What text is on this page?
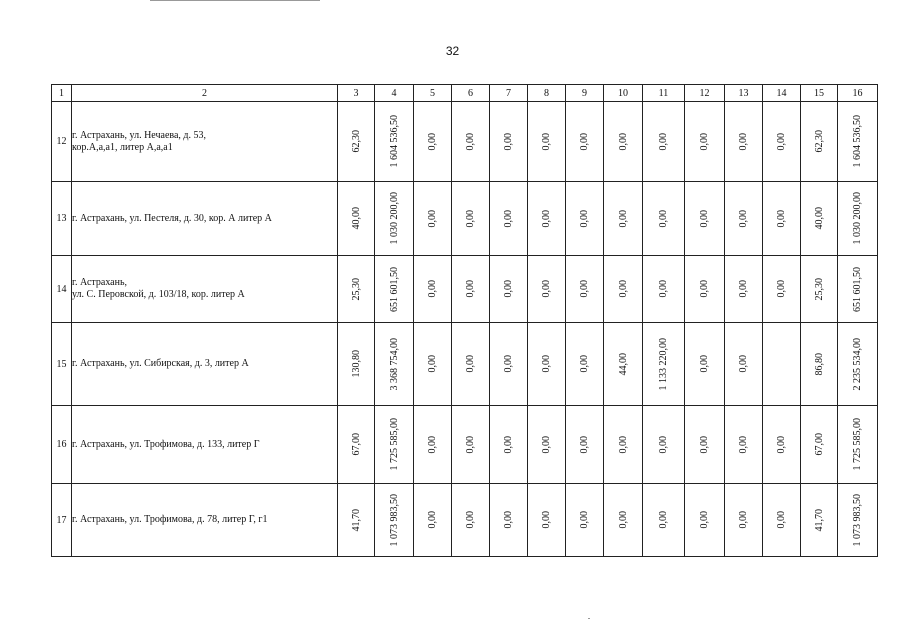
32
1	2	3	4	5	6	7	8	9	10	11	12	13	14	15	16
12	г. Астрахань, ул. Нечаева, д. 53,
кор.А,а,а1, литер А,а,а1	62,30	1 604 536,50	0,00	0,00	0,00	0,00	0,00	0,00	0,00	0,00	0,00	0,00	62,30	1 604 536,50

13	г. Астрахань, ул. Пестеля, д. 30, кор. А литер А	40,00	1 030 200,00	0,00	0,00	0,00	0,00	0,00	0,00	0,00	0,00	0,00	0,00	40,00	1 030 200,00

14	г. Астрахань,
ул. С. Перовской, д. 103/18, кор. литер А	25,30	651 601,50	0,00	0,00	0,00	0,00	0,00	0,00	0,00	0,00	0,00	0,00	25,30	651 601,50

15	г. Астрахань, ул. Сибирская, д. 3, литер А	130,80	3 368 754,00	0,00	0,00	0,00	0,00	0,00	44,00	1 133 220,00	0,00	0,00		86,80	2 235 534,00

16	г. Астрахань, ул. Трофимова, д. 133, литер Г	67,00	1 725 585,00	0,00	0,00	0,00	0,00	0,00	0,00	0,00	0,00	0,00	0,00	67,00	1 725 585,00

17	г. Астрахань, ул. Трофимова, д. 78, литер Г, г1	41,70	1 073 983,50	0,00	0,00	0,00	0,00	0,00	0,00	0,00	0,00	0,00	0,00	41,70	1 073 983,50
